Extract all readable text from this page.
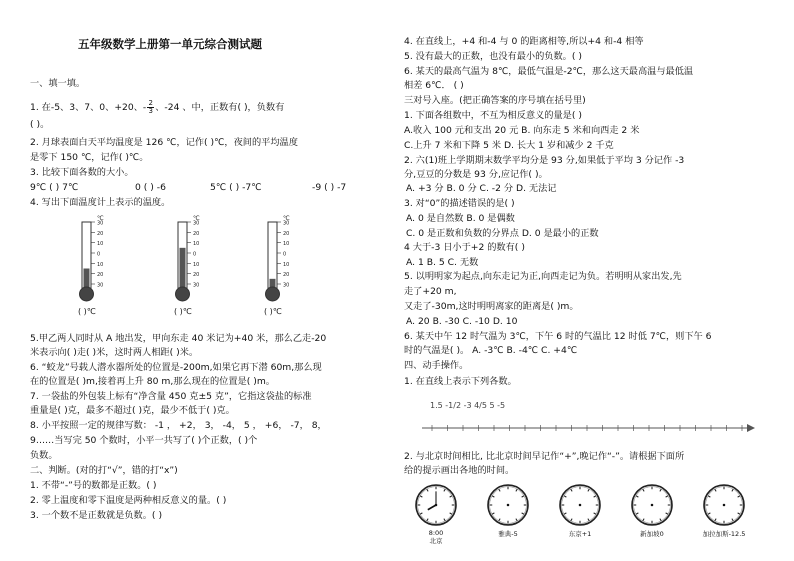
五年级数学上册第一单元综合测试题
一、填一填。
1. 在-5、3、7、0、+20、- $\frac{2}{3}$ 、-24 、中，正数有( )，负数有
( )。
2. 月球表面白天平均温度是 126 ℃，记作( )℃，夜间的平均温度
是零下 150 ℃，记作( )℃。
3. 比较下面各数的大小。
9℃ ( ) 7℃	0 ( ) -6	5℃ ( ) -7℃	-9 ( ) -7
4. 写出下面温度计上表示的温度。
30
20
10
0
10
20
30
℃
( )℃
30
20
10
0
10
20
30
℃
( )℃
30
20
10
0
10
20
30
℃
( )℃
5.甲乙两人同时从 A 地出发，甲向东走 40 米记为+40 米，那么乙走-20
米表示向( )走( )米，这时两人相距( )米。
6. “蛟龙”号载人潜水器所处的位置是-200m,如果它再下潜 60m,那么现
在的位置是( )m,接着再上升 80 m,那么现在的位置是( )m。
7. 一袋盐的外包装上标有“净含量 450 克±5 克”，它指这袋盐的标准
重量是( )克，最多不超过( )克，最少不低于( )克。
8. 小平按照一定的规律写数： -1 ， +2， 3， -4， 5 ， +6， -7， 8，
9……当写完 50 个数时，小平一共写了( )个正数，( )个
负数。
二、判断。(对的打“√”，错的打“x”)
1. 不带“-”号的数都是正数。( )
2. 零上温度和零下温度是两种相反意义的量。( )
3. 一个数不是正数就是负数。( )
4. 在直线上，+4 和-4 与 0 的距离相等,所以+4 和-4 相等
5. 没有最大的正数，也没有最小的负数。( )
6. 某天的最高气温为 8℃，最低气温是-2℃，那么这天最高温与最低温
相差 6℃． ( )
三对号入座。(把正确答案的序号填在括号里)
1. 下面各组数中，不互为相反意义的量是( )
A.收入 100 元和支出 20 元 B. 向东走 5 米和向西走 2 米
C.上升 7 米和下降 5 米 D. 长大 1 岁和减少 2 千克
2. 六(1)班上学期期末数学平均分是 93 分,如果低于平均 3 分记作 -3
分,豆豆的分数是 93 分,应记作( )。
A. +3 分 B. 0 分 C. -2 分 D. 无法记
3. 对“0”的描述错误的是( )
A. 0 是自然数 B. 0 是偶数
C. 0 是正数和负数的分界点 D. 0 是最小的正数
4 大于-3 日小于+2 的数有( )
A. 1 B. 5 C. 无数
5. 以明明家为起点,向东走记为正,向西走记为负。若明明从家出发,先
走了+20 m,
又走了-30m,这时明明离家的距离是( )m。
A. 20 B. -30 C. -10 D. 10
6. 某天中午 12 时气温为 3℃，下午 6 时的气温比 12 时低 7℃，则下午 6
时的气温是( )。 A. -3℃ B. -4℃ C. +4℃
四、动手操作。
1. 在直线上表示下列各数。
1.5 -1/2 -3 4/5 5 -5
2. 与北京时间相比, 比北京时间早记作“+”,晚记作“-”。请根据下面所
给的提示画出各地的时间。
8:00
北京
雅典-5	东京+1	新加坡0	加拉加斯-12.5
